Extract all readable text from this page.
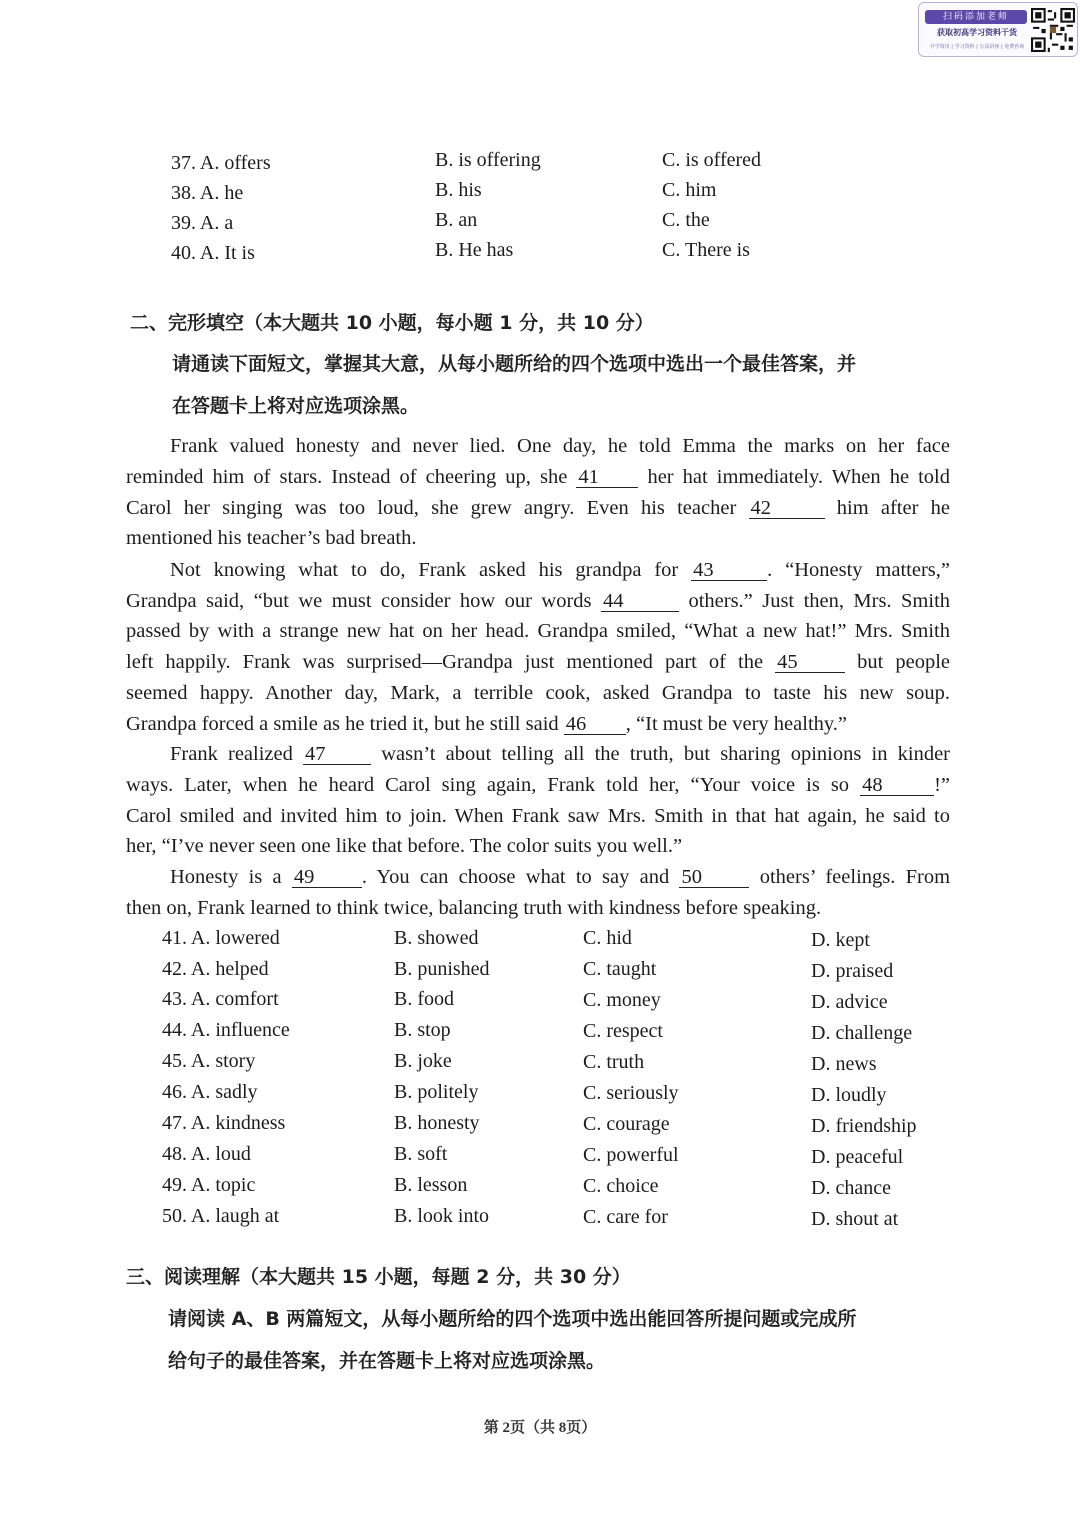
扫码添加老师
获取初高学习资料干货
升学资讯 | 学习资料 | 公益讲座 | 免费咨询
37. A. offers	B. is offering	C. is offered
38. A. he	B. his	C. him
39. A. a	B. an	C. the
40. A. It is	B. He has	C. There is
二、完形填空（本大题共 10 小题，每小题 1 分，共 10 分）
请通读下面短文，掌握其大意，从每小题所给的四个选项中选出一个最佳答案，并
在答题卡上将对应选项涂黑。
Frank valued honesty and never lied. One day, he told Emma the marks on her face
reminded him of stars. Instead of cheering up, she 41 her hat immediately. When he told
Carol her singing was too loud, she grew angry. Even his teacher 42	him after he
mentioned his teacher’s bad breath.
Not knowing what to do, Frank asked his grandpa for 43	. “Honesty matters,”
Grandpa said, “but we must consider how our words 44	others.” Just then, Mrs. Smith
passed by with a strange new hat on her head. Grandpa smiled, “What a new hat!” Mrs. Smith
left happily. Frank was surprised—Grandpa just mentioned part of the 45	but people
seemed happy. Another day, Mark, a terrible cook, asked Grandpa to taste his new soup.
Grandpa forced a smile as he tried it, but he still said 46 , “It must be very healthy.”
Frank realized 47	wasn’t about telling all the truth, but sharing opinions in kinder
ways. Later, when he heard Carol sing again, Frank told her, “Your voice is so 48	!”
Carol smiled and invited him to join. When Frank saw Mrs. Smith in that hat again, he said to
her, “I’ve never seen one like that before. The color suits you well.”
Honesty is a 49 . You can choose what to say and 50	others’ feelings. From
then on, Frank learned to think twice, balancing truth with kindness before speaking.
41. A. lowered	B. showed	C. hid	D. kept
42. A. helped	B. punished	C. taught	D. praised
43. A. comfort	B. food	C. money	D. advice
44. A. influence	B. stop	C. respect	D. challenge
45. A. story	B. joke	C. truth	D. news
46. A. sadly	B. politely	C. seriously	D. loudly
47. A. kindness	B. honesty	C. courage	D. friendship
48. A. loud	B. soft	C. powerful	D. peaceful
49. A. topic	B. lesson	C. choice	D. chance
50. A. laugh at	B. look into	C. care for	D. shout at
三、阅读理解（本大题共 15 小题，每题 2 分，共 30 分）
请阅读 A、B 两篇短文，从每小题所给的四个选项中选出能回答所提问题或完成所
给句子的最佳答案，并在答题卡上将对应选项涂黑。
第 2页（共 8页）
